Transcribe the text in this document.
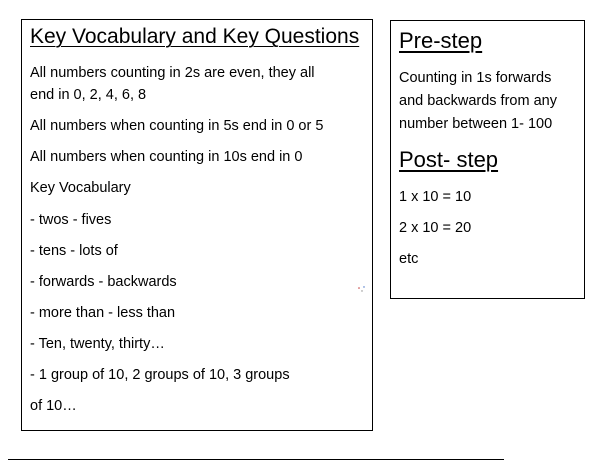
Key Vocabulary and Key Questions
All numbers counting in 2s are even, they all
end in 0, 2, 4, 6, 8
All numbers when counting in 5s end in 0 or 5
All numbers when counting in 10s end in 0
Key Vocabulary
- twos - fives
- tens - lots of
- forwards - backwards
- more than - less than
- Ten, twenty, thirty…
- 1 group of 10, 2 groups of 10, 3 groups
of 10…
Pre-step
Counting in 1s forwards
and backwards from any
number between 1- 100
Post- step
1 x 10 = 10
2 x 10 = 20
etc
